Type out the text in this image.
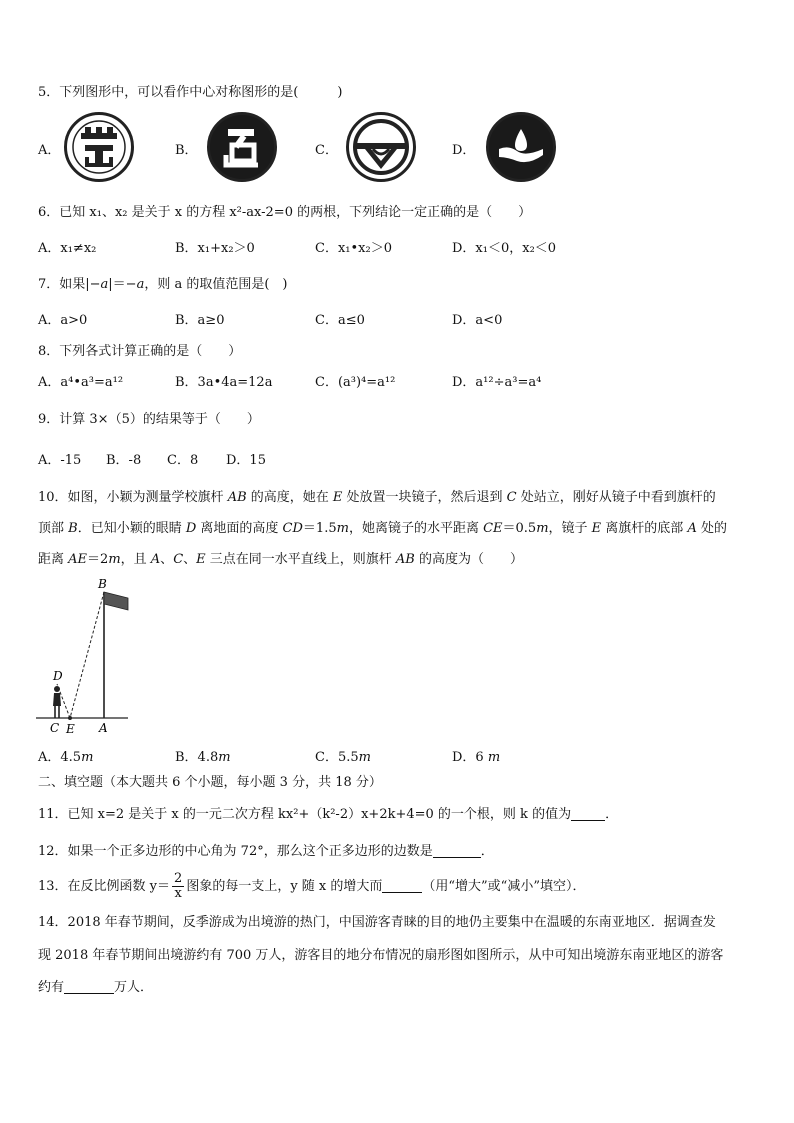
5．下列图形中，可以看作中心对称图形的是(　　　)
A．	B．	C．	D．
6．已知 x₁、x₂ 是关于 x 的方程 x²-ax-2=0 的两根，下列结论一定正确的是（　　）
A．x₁≠x₂	B．x₁+x₂＞0	C．x₁•x₂＞0	D．x₁＜0，x₂＜0
7．如果|−𝑎|＝−𝑎，则 a 的取值范围是(　)
A．a>0	B．a≥0	C．a≤0	D．a<0
8．下列各式计算正确的是（　　）
A．a⁴•a³=a¹²	B．3a•4a=12a	C．(a³)⁴=a¹²	D．a¹²÷a³=a⁴
9．计算 3×（5）的结果等于（　　）
A．-15 B．-8 C．8 D．15
10．如图，小颖为测量学校旗杆 AB 的高度，她在 E 处放置一块镜子，然后退到 C 处站立，刚好从镜子中看到旗杆的
顶部 B．已知小颖的眼睛 D 离地面的高度 CD＝1.5m，她离镜子的水平距离 CE＝0.5m，镜子 E 离旗杆的底部 A 处的
距离 AE＝2m，且 A、C、E 三点在同一水平直线上，则旗杆 AB 的高度为（　　）
B
D
C E A
A．4.5m	B．4.8m	C．5.5m	D．6 m
二、填空题（本大题共 6 个小题，每小题 3 分，共 18 分）
11．已知 x=2 是关于 x 的一元二次方程 kx²+（k²-2）x+2k+4=0 的一个根，则 k 的值为	．
12．如果一个正多边形的中心角为 72°，那么这个正多边形的边数是	．
13．在反比例函数 $y= \frac{2}{x}$ 图象的每一支上，y 随 x 的增大而	（用“增大”或“减小”填空）．
14．2018 年春节期间，反季游成为出境游的热门，中国游客青睐的目的地仍主要集中在温暖的东南亚地区．据调查发
现 2018 年春节期间出境游约有 700 万人，游客目的地分布情况的扇形图如图所示，从中可知出境游东南亚地区的游客
约有	万人．
